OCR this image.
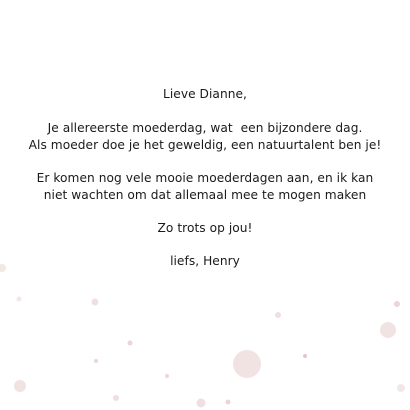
Lieve Dianne,
Je allereerste moederdag, wat  een bijzondere dag.
Als moeder doe je het geweldig, een natuurtalent ben je!
Er komen nog vele mooie moederdagen aan, en ik kan
niet wachten om dat allemaal mee te mogen maken
Zo trots op jou!
liefs, Henry
